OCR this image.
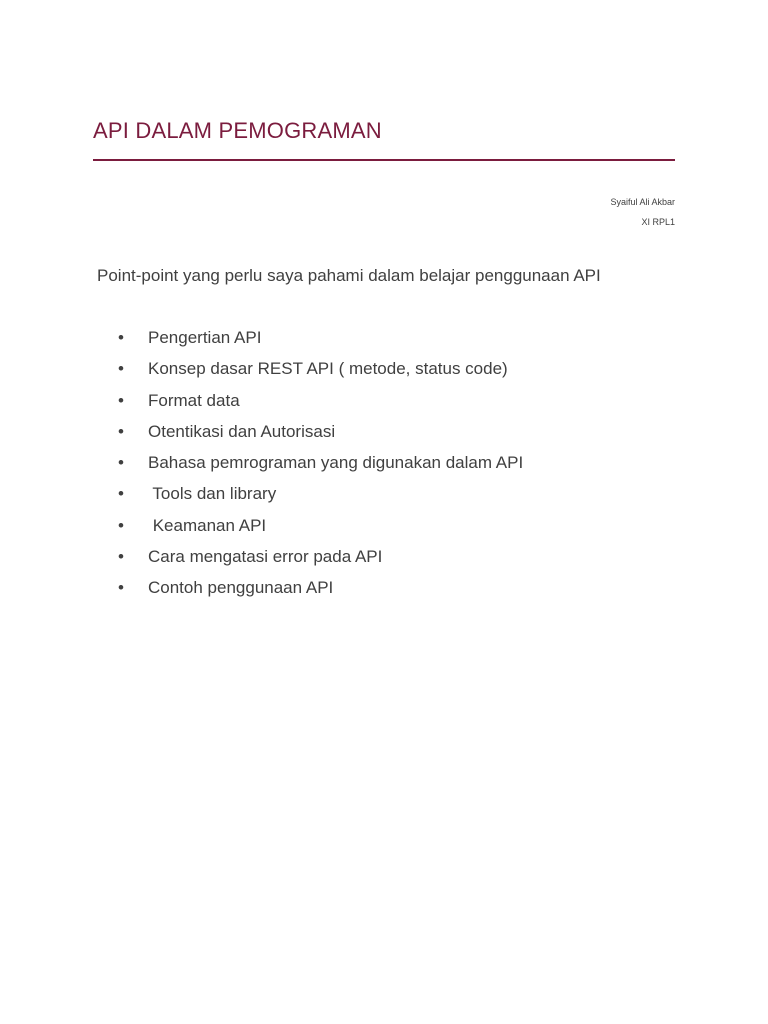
API DALAM PEMOGRAMAN
Syaiful Ali Akbar
XI RPL1

Point-point yang perlu saya pahami dalam belajar penggunaan API

•	Pengertian API
•	Konsep dasar REST API ( metode, status code)
•	Format data
•	Otentikasi dan Autorisasi
•	Bahasa pemrograman yang digunakan dalam API
•	Tools dan library
•	Keamanan API
•	Cara mengatasi error pada API
•	Contoh penggunaan API
